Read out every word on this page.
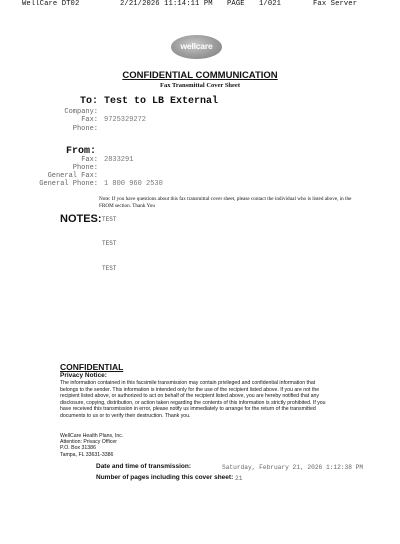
WellCare DT02	2/21/2026 11:14:11 PM PAGE 1/021	Fax Server
wellcare
CONFIDENTIAL COMMUNICATION
Fax Transmittal Cover Sheet
To: Test to LB External
Company:
Fax: 9725329272
Phone:
From:
Fax: 2833291
Phone:
General Fax:
General Phone: 1 800 960 2530
Note: If you have questions about this fax transmittal cover sheet, please contact the individual who is listed above, in the FROM section. Thank You
NOTES: TEST
TEST
TEST
CONFIDENTIAL
Privacy Notice:
The information contained in this facsimile transmission may contain privileged and confidential information that belongs to the sender. This information is intended only for the use of the recipient listed above. If you are not the recipient listed above, or authorized to act on behalf of the recipient listed above, you are hereby notified that any disclosure, copying, distribution, or action taken regarding the contents of this information is strictly prohibited. If you have received this transmission in error, please notify us immediately to arrange for the return of the transmitted documents to us or to verify their destruction. Thank you.
WellCare Health Plans, Inc.
Attention: Privacy Officer
P.O. Box 31386
Tampa, FL 33631-3386
Date and time of transmission:	Saturday, February 21, 2026 1:12:38 PM
Number of pages including this cover sheet: 21
